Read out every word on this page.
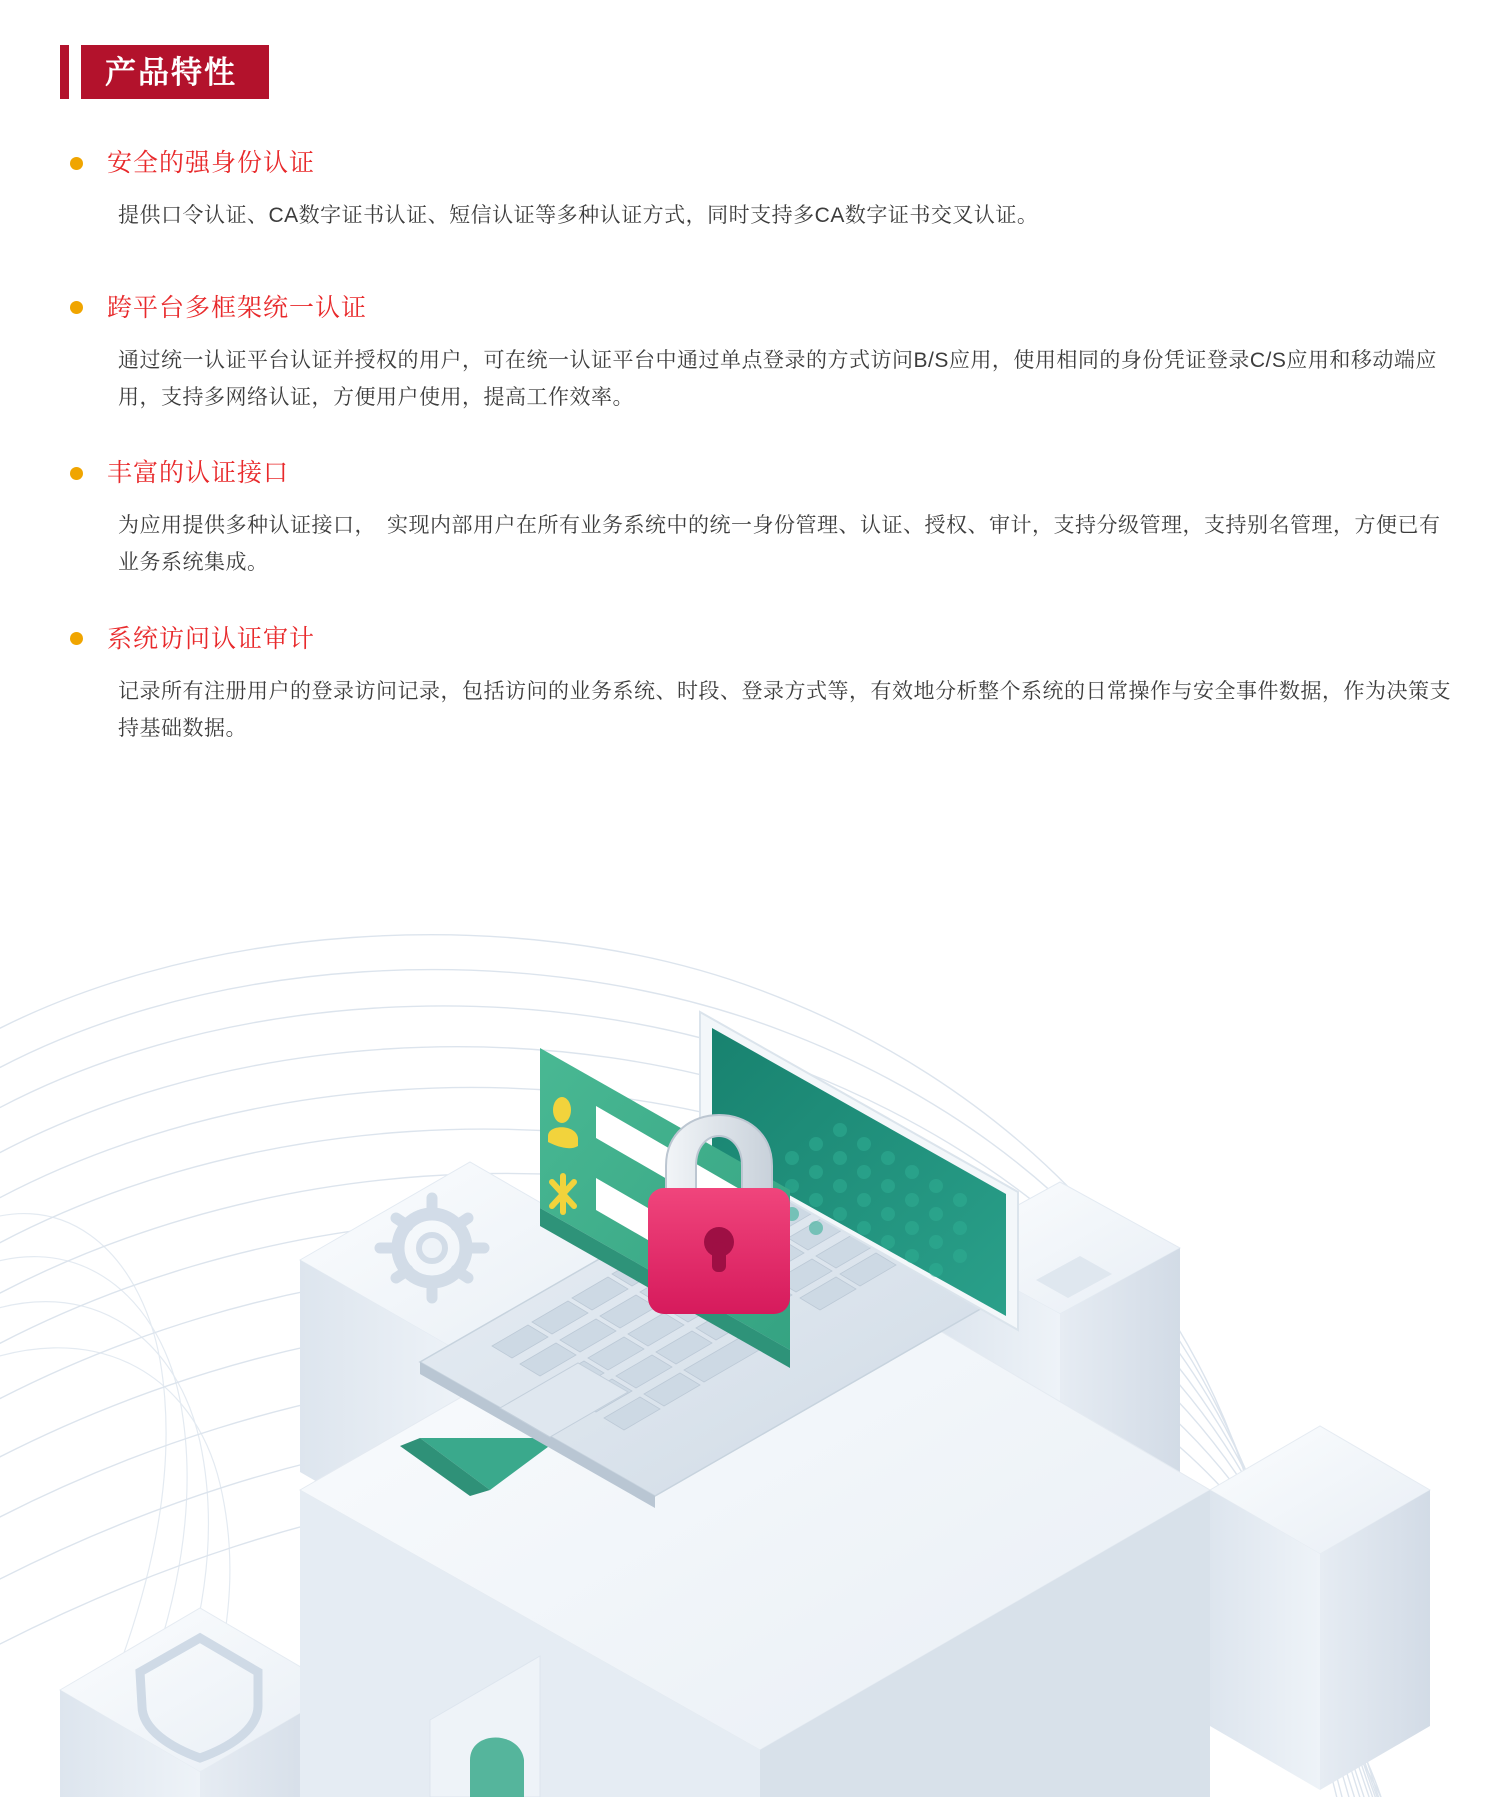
产品特性
安全的强身份认证
提供口令认证、CA数字证书认证、短信认证等多种认证方式，同时支持多CA数字证书交叉认证。
跨平台多框架统一认证
通过统一认证平台认证并授权的用户，可在统一认证平台中通过单点登录的方式访问B/S应用，使用相同的身份凭证登录C/S应用和移动端应用，支持多网络认证，方便用户使用，提高工作效率。
丰富的认证接口
为应用提供多种认证接口，　实现内部用户在所有业务系统中的统一身份管理、认证、授权、审计，支持分级管理，支持别名管理，方便已有业务系统集成。
系统访问认证审计
记录所有注册用户的登录访问记录，包括访问的业务系统、时段、登录方式等，有效地分析整个系统的日常操作与安全事件数据，作为决策支持基础数据。
